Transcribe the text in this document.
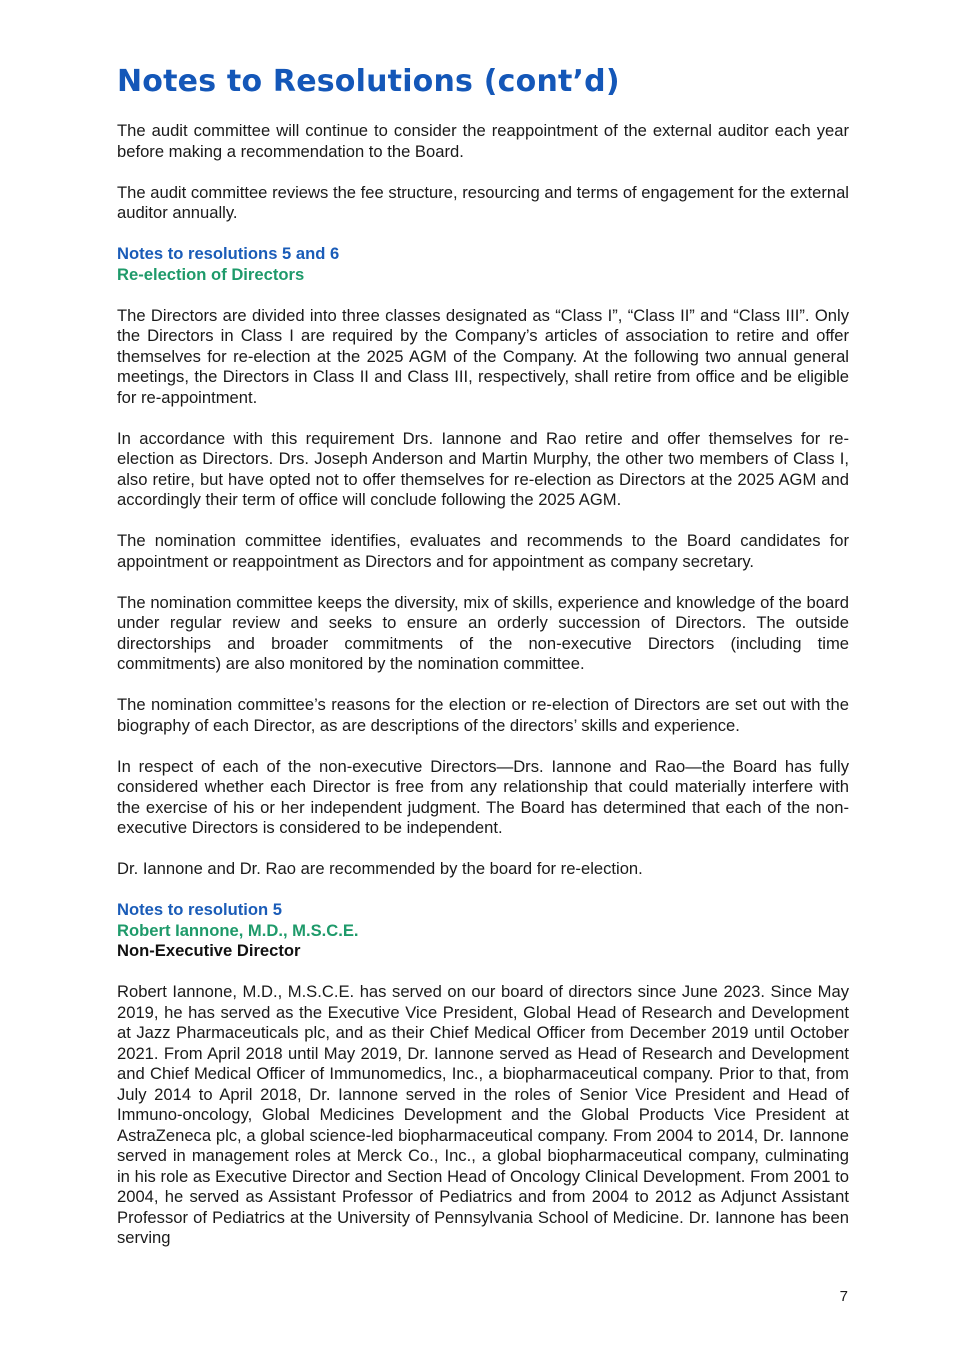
Notes to Resolutions (cont’d)

The audit committee will continue to consider the reappointment of the external auditor each year before making a recommendation to the Board.

The audit committee reviews the fee structure, resourcing and terms of engagement for the external auditor annually.

Notes to resolutions 5 and 6
Re-election of Directors

The Directors are divided into three classes designated as “Class I”, “Class II” and “Class III”. Only the Directors in Class I are required by the Company’s articles of association to retire and offer themselves for re-election at the 2025 AGM of the Company. At the following two annual general meetings, the Directors in Class II and Class III, respectively, shall retire from office and be eligible for re-appointment.

In accordance with this requirement Drs. Iannone and Rao retire and offer themselves for re-election as Directors. Drs. Joseph Anderson and Martin Murphy, the other two members of Class I, also retire, but have opted not to offer themselves for re-election as Directors at the 2025 AGM and accordingly their term of office will conclude following the 2025 AGM.

The nomination committee identifies, evaluates and recommends to the Board candidates for appointment or reappointment as Directors and for appointment as company secretary.

The nomination committee keeps the diversity, mix of skills, experience and knowledge of the board under regular review and seeks to ensure an orderly succession of Directors. The outside directorships and broader commitments of the non-executive Directors (including time commitments) are also monitored by the nomination committee.

The nomination committee’s reasons for the election or re-election of Directors are set out with the biography of each Director, as are descriptions of the directors’ skills and experience.

In respect of each of the non-executive Directors—Drs. Iannone and Rao—the Board has fully considered whether each Director is free from any relationship that could materially interfere with the exercise of his or her independent judgment. The Board has determined that each of the non-executive Directors is considered to be independent.

Dr. Iannone and Dr. Rao are recommended by the board for re-election.

Notes to resolution 5
Robert Iannone, M.D., M.S.C.E.
Non-Executive Director

Robert Iannone, M.D., M.S.C.E. has served on our board of directors since June 2023. Since May 2019, he has served as the Executive Vice President, Global Head of Research and Development at Jazz Pharmaceuticals plc, and as their Chief Medical Officer from December 2019 until October 2021. From April 2018 until May 2019, Dr. Iannone served as Head of Research and Development and Chief Medical Officer of Immunomedics, Inc., a biopharmaceutical company. Prior to that, from July 2014 to April 2018, Dr. Iannone served in the roles of Senior Vice President and Head of Immuno-oncology, Global Medicines Development and the Global Products Vice President at AstraZeneca plc, a global science-led biopharmaceutical company. From 2004 to 2014, Dr. Iannone served in management roles at Merck Co., Inc., a global biopharmaceutical company, culminating in his role as Executive Director and Section Head of Oncology Clinical Development. From 2001 to 2004, he served as Assistant Professor of Pediatrics and from 2004 to 2012 as Adjunct Assistant Professor of Pediatrics at the University of Pennsylvania School of Medicine. Dr. Iannone has been serving

7
